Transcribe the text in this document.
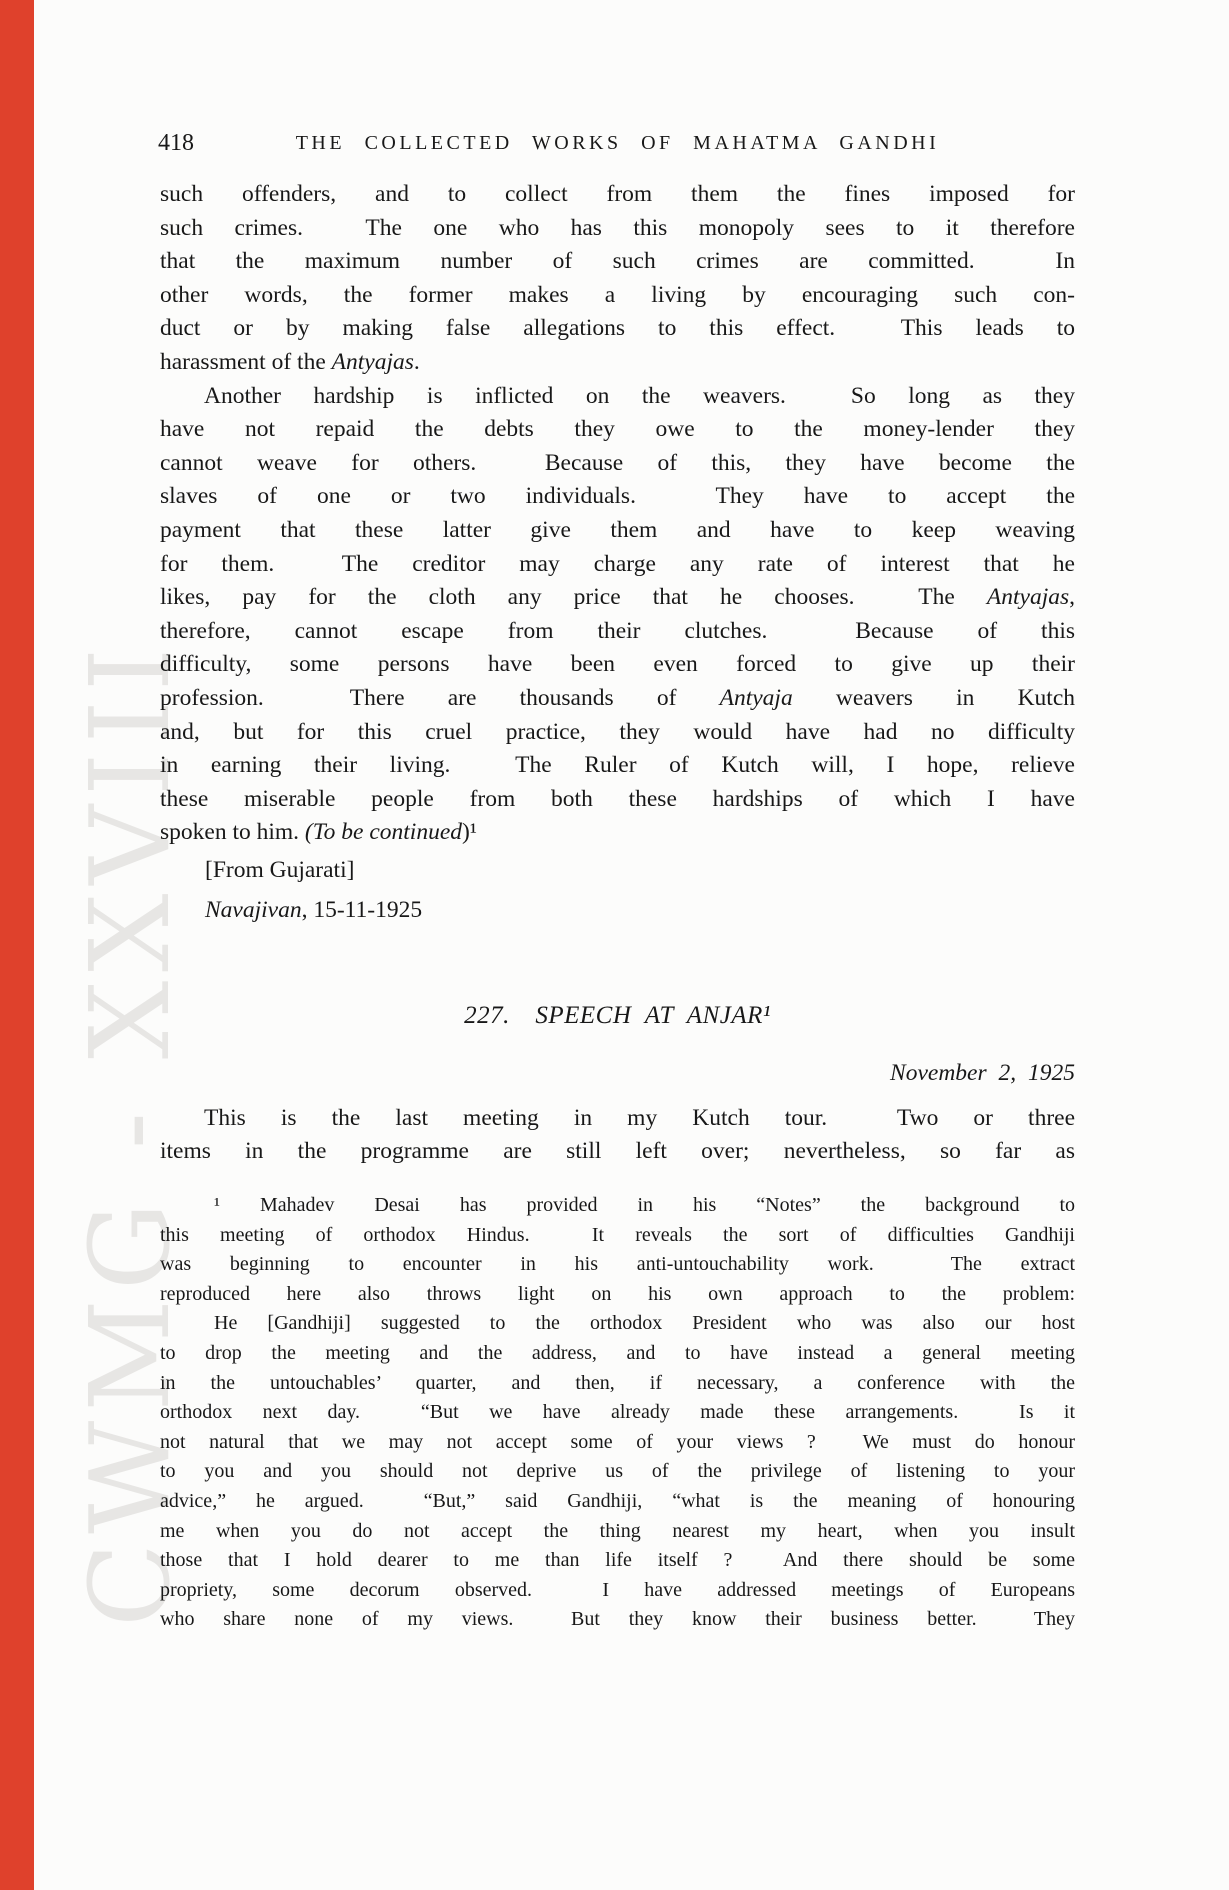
CWMG - XXVIII
418	THE COLLECTED WORKS OF MAHATMA GANDHI
such offenders, and to collect from them the fines imposed for
such crimes.  The one who has this monopoly sees to it therefore
that the maximum number of such crimes are committed.  In
other words, the former makes a living by encouraging such con-
duct or by making false allegations to this effect.  This leads to
harassment of the Antyajas.
Another hardship is inflicted on the weavers.  So long as they
have not repaid the debts they owe to the money-lender they
cannot weave for others.  Because of this, they have become the
slaves of one or two individuals.  They have to accept the
payment that these latter give them and have to keep weaving
for them.  The creditor may charge any rate of interest that he
likes, pay for the cloth any price that he chooses.  The Antyajas,
therefore, cannot escape from their clutches.  Because of this
difficulty, some persons have been even forced to give up their
profession.  There are thousands of Antyaja weavers in Kutch
and, but for this cruel practice, they would have had no difficulty
in earning their living.  The Ruler of Kutch will, I hope, relieve
these miserable people from both these hardships of which I have
spoken to him. (To be continued)¹
[From Gujarati]
Navajivan, 15-11-1925
227. SPEECH AT ANJAR¹
November 2, 1925
This is the last meeting in my Kutch tour.  Two or three
items in the programme are still left over; nevertheless, so far as
¹ Mahadev Desai has provided in his “Notes” the background to
this meeting of orthodox Hindus.  It reveals the sort of difficulties Gandhiji
was beginning to encounter in his anti-untouchability work.  The extract
reproduced here also throws light on his own approach to the problem:
He [Gandhiji] suggested to the orthodox President who was also our host
to drop the meeting and the address, and to have instead a general meeting
in the untouchables’ quarter, and then, if necessary, a conference with the
orthodox next day.  “But we have already made these arrangements.  Is it
not natural that we may not accept some of your views ?  We must do honour
to you and you should not deprive us of the privilege of listening to your
advice,” he argued.  “But,” said Gandhiji, “what is the meaning of honouring
me when you do not accept the thing nearest my heart, when you insult
those that I hold dearer to me than life itself ?  And there should be some
propriety, some decorum observed.  I have addressed meetings of Europeans
who share none of my views.  But they know their business better.  They
